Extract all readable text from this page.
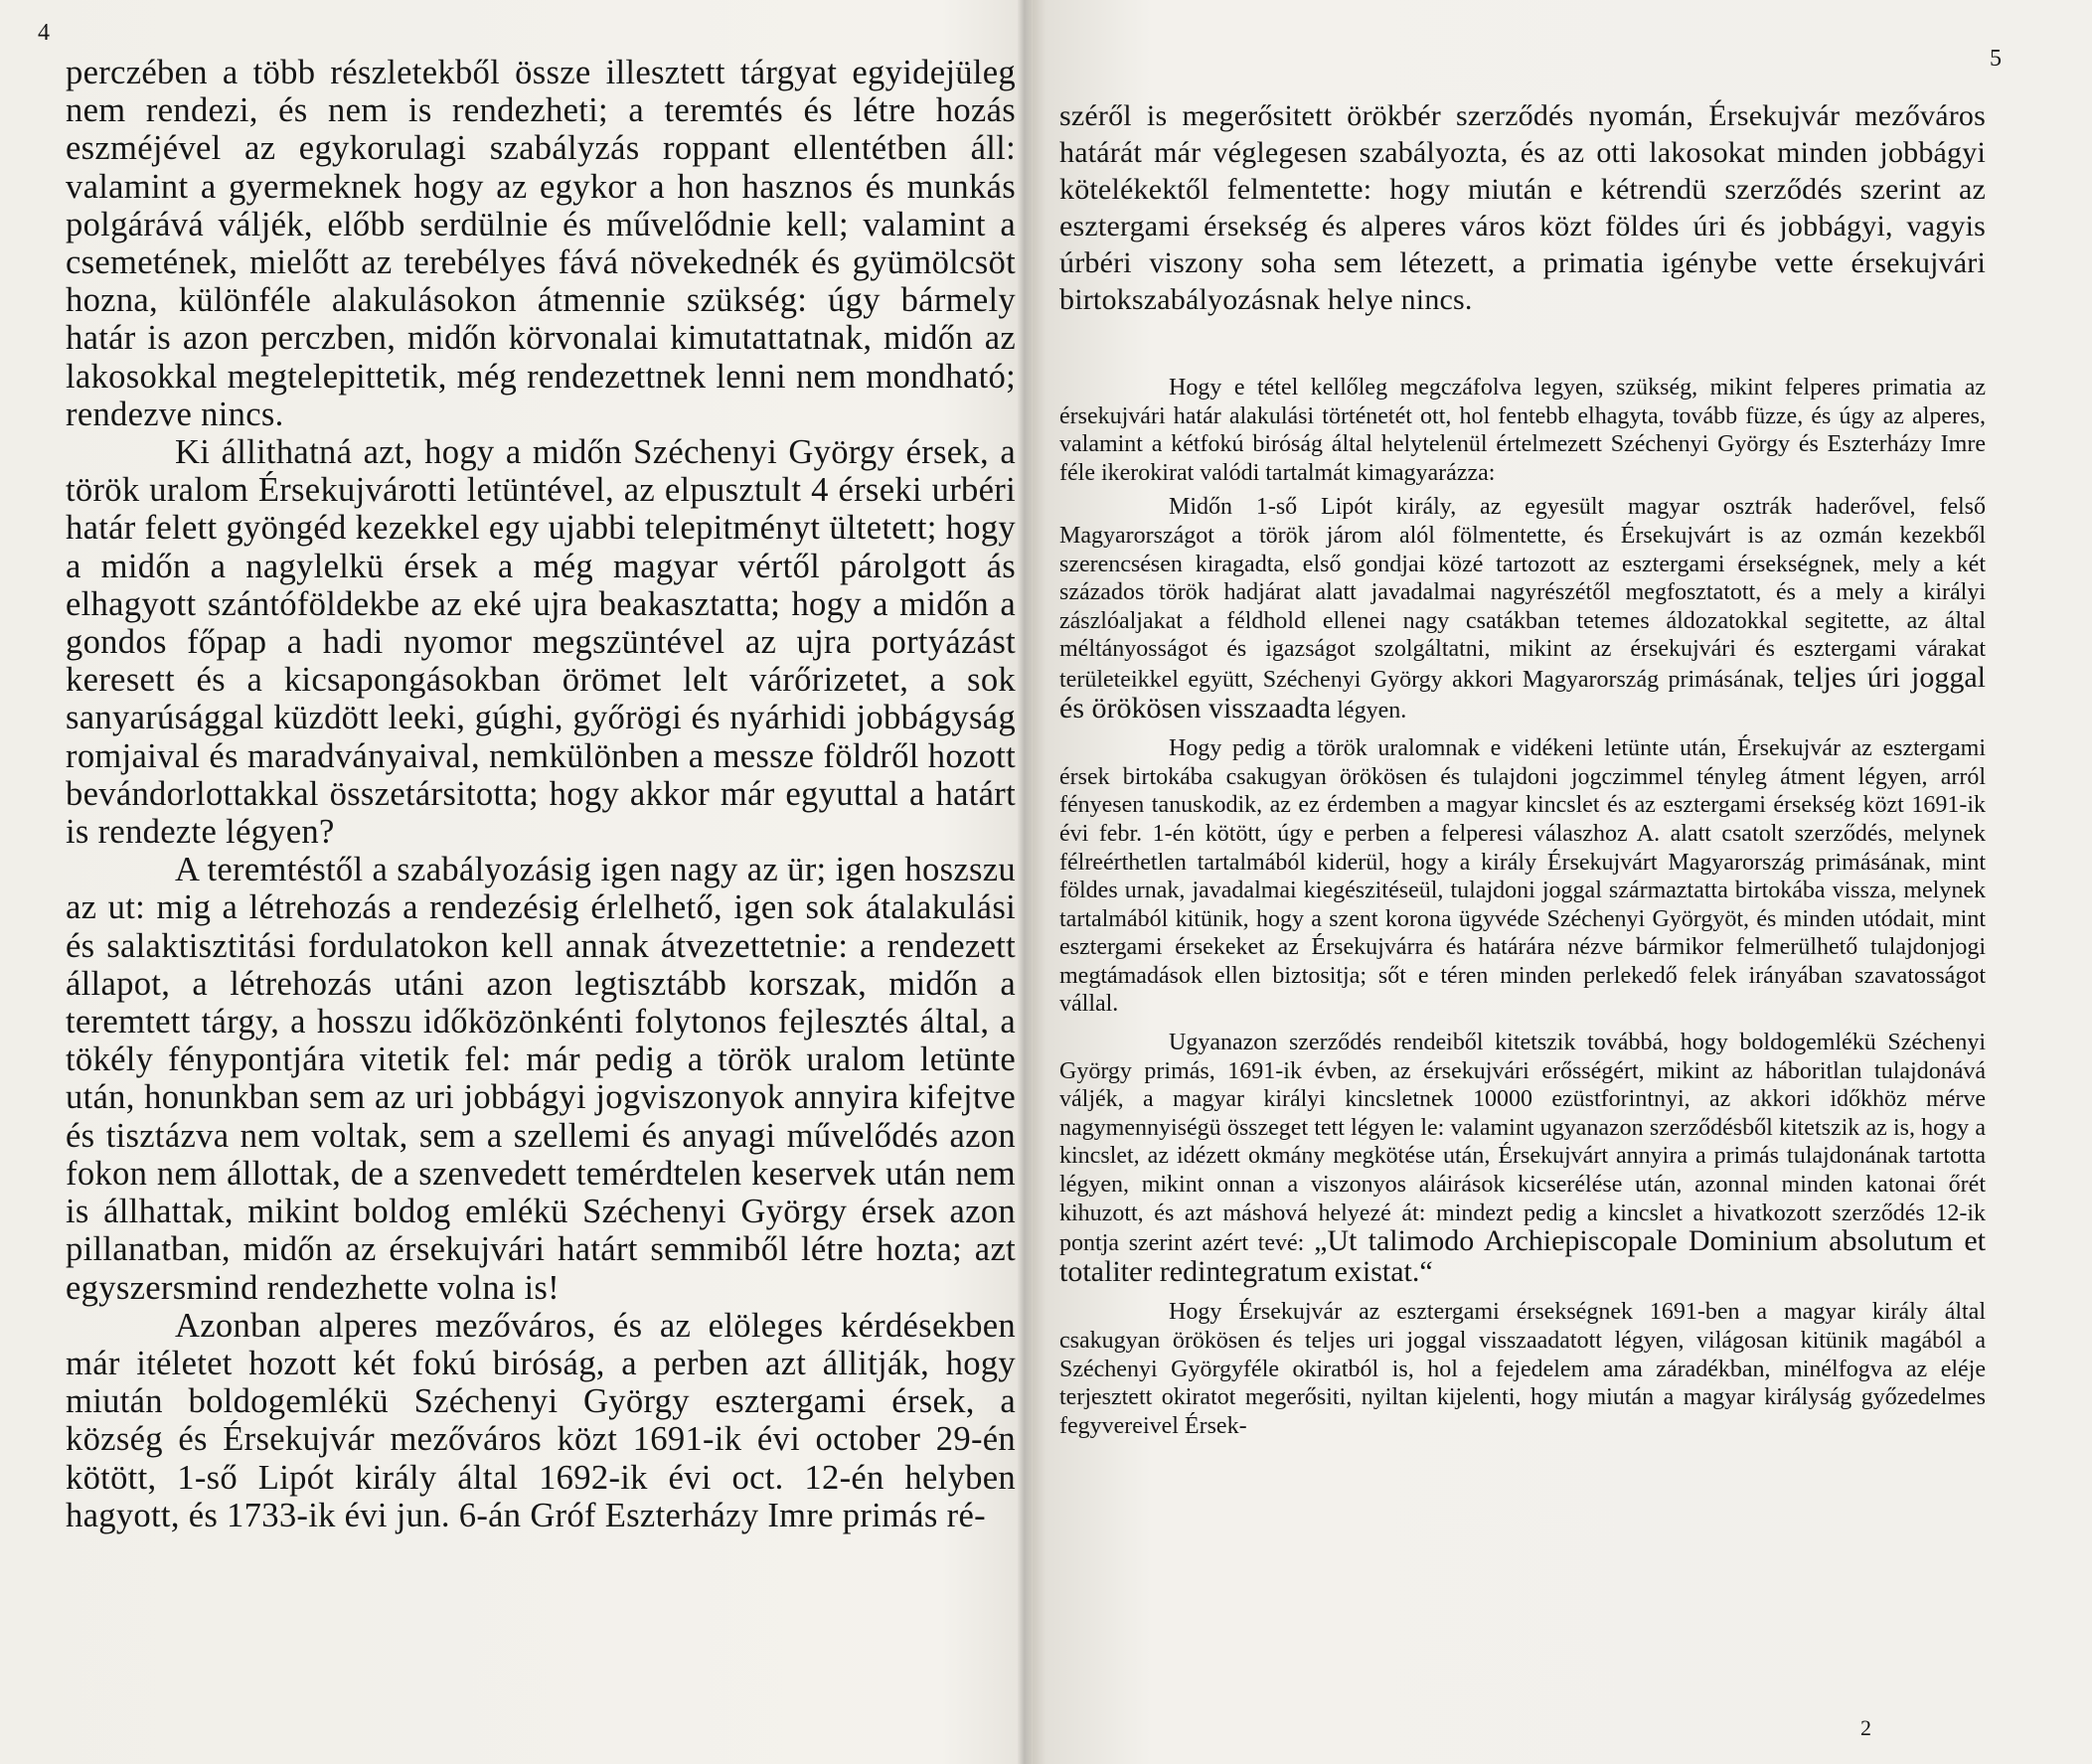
4

perczében a több részletekből össze illesztett tárgyat egyidejüleg nem rendezi, és nem is rendezheti; a teremtés és létre hozás eszméjével az egykorulagi szabályzás roppant ellentétben áll: valamint a gyermeknek hogy az egykor a hon hasznos és munkás polgárává váljék, előbb serdülnie és művelődnie kell; valamint a csemetének, mielőtt az terebélyes fává növekednék és gyümölcsöt hozna, különféle alakulásokon átmennie szükség: úgy bármely határ is azon perczben, midőn körvonalai kimutattatnak, midőn az lakosokkal megtelepittetik, még rendezettnek lenni nem mondható; rendezve nincs.

Ki állithatná azt, hogy a midőn Széchenyi György érsek, a török uralom Érsekujvárotti letüntével, az elpusztult 4 érseki urbéri határ felett gyöngéd kezekkel egy ujabbi telepitményt ültetett; hogy a midőn a nagylelkü érsek a még magyar vértől párolgott ás elhagyott szántóföldekbe az eké ujra beakasztatta; hogy a midőn a gondos főpap a hadi nyomor megszüntével az ujra portyázást keresett és a kicsapongásokban örömet lelt várőrizetet, a sok sanyarúsággal küzdött leeki, gúghi, győrögi és nyárhidi jobbágyság romjaival és maradványaival, nemkülönben a messze földről hozott bevándorlottakkal összetársitotta; hogy akkor már egyuttal a határt is rendezte légyen?

A teremtéstől a szabályozásig igen nagy az ür; igen hoszszu az ut: mig a létrehozás a rendezésig érlelhető, igen sok átalakulási és salaktisztitási fordulatokon kell annak átvezettetnie: a rendezett állapot, a létrehozás utáni azon legtisztább korszak, midőn a teremtett tárgy, a hosszu időközönkénti folytonos fejlesztés által, a tökély fénypontjára vitetik fel: már pedig a török uralom letünte után, honunkban sem az uri jobbágyi jogviszonyok annyira kifejtve és tisztázva nem voltak, sem a szellemi és anyagi művelődés azon fokon nem állottak, de a szenvedett temérdtelen keservek után nem is állhattak, mikint boldog emlékü Széchenyi György érsek azon pillanatban, midőn az érsekujvári határt semmiből létre hozta; azt egyszersmind rendezhette volna is!

Azonban alperes mezőváros, és az elöleges kérdésekben már itéletet hozott két fokú biróság, a perben azt állitják, hogy miután boldogemlékü Széchenyi György esztergami érsek, a község és Érsekujvár mezőváros közt 1691-ik évi october 29-én kötött, 1-ső Lipót király által 1692-ik évi oct. 12-én helyben hagyott, és 1733-ik évi jun. 6-án Gróf Eszterházy Imre primás ré-

5

széről is megerősitett örökbér szerződés nyomán, Érsekujvár mezőváros határát már véglegesen szabályozta, és az otti lakosokat minden jobbágyi kötelékektől felmentette: hogy miután e kétrendü szerződés szerint az esztergami érsekség és alperes város közt földes úri és jobbágyi, vagyis úrbéri viszony soha sem létezett, a primatia igénybe vette érsekujvári birtokszabályozásnak helye nincs.

Hogy e tétel kellőleg megczáfolva legyen, szükség, mikint felperes primatia az érsekujvári határ alakulási történetét ott, hol fentebb elhagyta, tovább füzze, és úgy az alperes, valamint a kétfokú biróság által helytelenül értelmezett Széchenyi György és Eszterházy Imre féle ikerokirat valódi tartalmát kimagyarázza:

Midőn 1-ső Lipót király, az egyesült magyar osztrák haderővel, felső Magyarországot a török járom alól fölmentette, és Érsekujvárt is az ozmán kezekből szerencsésen kiragadta, első gondjai közé tartozott az esztergami érsekségnek, mely a két százados török hadjárat alatt javadalmai nagyrészétől megfosztatott, és a mely a királyi zászlóaljakat a féldhold ellenei nagy csatákban tetemes áldozatokkal segitette, az által méltányosságot és igazságot szolgáltatni, mikint az érsekujvári és esztergami várakat területeikkel együtt, Széchenyi György akkori Magyarország primásának, teljes úri joggal és örökösen visszaadta légyen.

Hogy pedig a török uralomnak e vidékeni letünte után, Érsekujvár az esztergami érsek birtokába csakugyan örökösen és tulajdoni jogczimmel tényleg átment légyen, arról fényesen tanuskodik, az ez érdemben a magyar kincslet és az esztergami érsekség közt 1691-ik évi febr. 1-én kötött, úgy e perben a felperesi válaszhoz A. alatt csatolt szerződés, melynek félreérthetlen tartalmából kiderül, hogy a király Érsekujvárt Magyarország primásának, mint földes urnak, javadalmai kiegészitéseül, tulajdoni joggal származtatta birtokába vissza, melynek tartalmából kitünik, hogy a szent korona ügyvéde Széchenyi Györgyöt, és minden utódait, mint esztergami érsekeket az Érsekujvárra és határára nézve bármikor felmerülhető tulajdonjogi megtámadások ellen biztositja; sőt e téren minden perlekedő felek irányában szavatosságot vállal.

Ugyanazon szerződés rendeiből kitetszik továbbá, hogy boldogemlékü Széchenyi György primás, 1691-ik évben, az érsekujvári erősségért, mikint az háboritlan tulajdonává váljék, a magyar királyi kincsletnek 10000 ezüstforintnyi, az akkori időkhöz mérve nagymennyiségü összeget tett légyen le: valamint ugyanazon szerződésből kitetszik az is, hogy a kincslet, az idézett okmány megkötése után, Érsekujvárt annyira a primás tulajdonának tartotta légyen, mikint onnan a viszonyos aláirások kicserélése után, azonnal minden katonai őrét kihuzott, és azt máshová helyezé át: mindezt pedig a kincslet a hivatkozott szerződés 12-ik pontja szerint azért tevé: „Ut talimodo Archiepiscopale Dominium absolutum et totaliter redintegratum existat.“

Hogy Érsekujvár az esztergami érsekségnek 1691-ben a magyar király által csakugyan örökösen és teljes uri joggal visszaadatott légyen, világosan kitünik magából a Széchenyi Györgyféle okiratból is, hol a fejedelem ama záradékban, minélfogva az eléje terjesztett okiratot megerősiti, nyiltan kijelenti, hogy miután a magyar királyság győzedelmes fegyvereivel Érsek-

2
